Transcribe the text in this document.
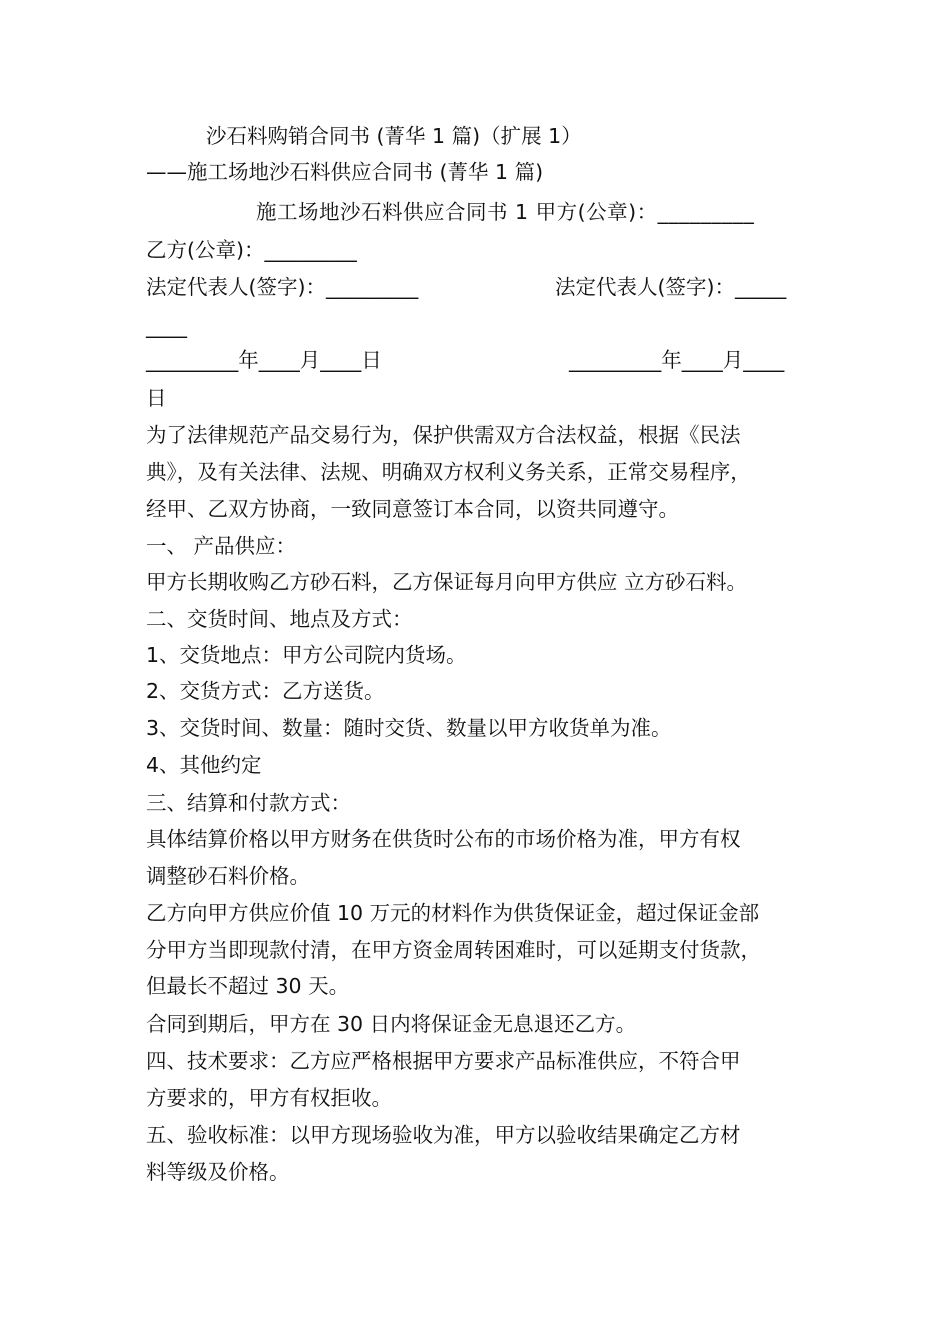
沙石料购销合同书 (菁华 1 篇)（扩展 1）
——施工场地沙石料供应合同书 (菁华 1 篇)
施工场地沙石料供应合同书 1 甲方(公章)：_________
乙方(公章)：_________
法定代表人(签字)：_________	法定代表人(签字)：_____
____
_________年____月____日	_________年____月____
日
为了法律规范产品交易行为，保护供需双方合法权益，根据《民法
典》，及有关法律、法规、明确双方权利义务关系，正常交易程序，
经甲、乙双方协商，一致同意签订本合同，以资共同遵守。
一、 产品供应：
甲方长期收购乙方砂石料，乙方保证每月向甲方供应 立方砂石料。
二、交货时间、地点及方式：
1、交货地点：甲方公司院内货场。
2、交货方式：乙方送货。
3、交货时间、数量：随时交货、数量以甲方收货单为准。
4、其他约定
三、结算和付款方式：
具体结算价格以甲方财务在供货时公布的市场价格为准，甲方有权
调整砂石料价格。
乙方向甲方供应价值 10 万元的材料作为供货保证金，超过保证金部
分甲方当即现款付清，在甲方资金周转困难时，可以延期支付货款，
但最长不超过 30 天。
合同到期后，甲方在 30 日内将保证金无息退还乙方。
四、技术要求：乙方应严格根据甲方要求产品标准供应，不符合甲
方要求的，甲方有权拒收。
五、验收标准：以甲方现场验收为准，甲方以验收结果确定乙方材
料等级及价格。
